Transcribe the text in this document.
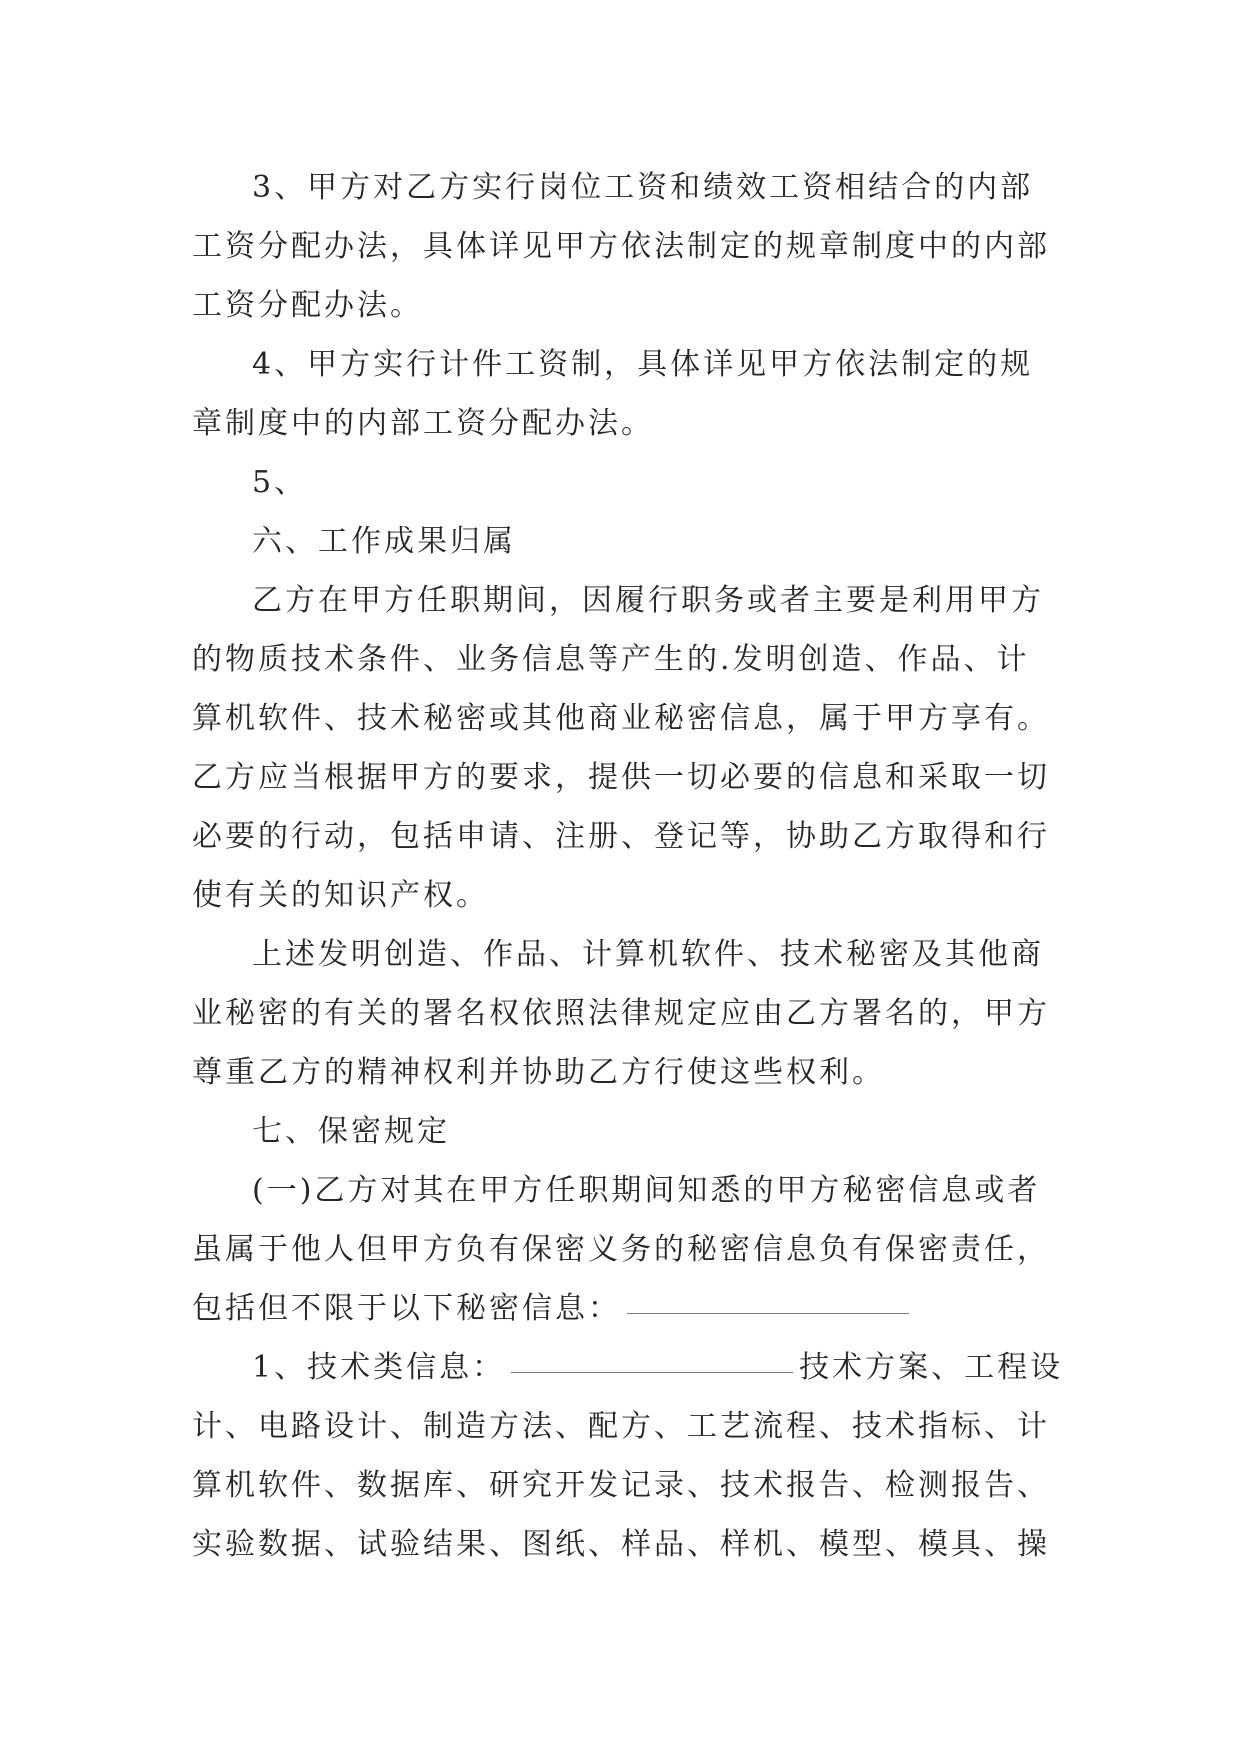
3、甲方对乙方实行岗位工资和绩效工资相结合的内部
工资分配办法，具体详见甲方依法制定的规章制度中的内部
工资分配办法。
4、甲方实行计件工资制，具体详见甲方依法制定的规
章制度中的内部工资分配办法。
5、
六、工作成果归属
乙方在甲方任职期间，因履行职务或者主要是利用甲方
的物质技术条件、业务信息等产生的.发明创造、作品、计
算机软件、技术秘密或其他商业秘密信息，属于甲方享有。
乙方应当根据甲方的要求，提供一切必要的信息和采取一切
必要的行动，包括申请、注册、登记等，协助乙方取得和行
使有关的知识产权。
上述发明创造、作品、计算机软件、技术秘密及其他商
业秘密的有关的署名权依照法律规定应由乙方署名的，甲方
尊重乙方的精神权利并协助乙方行使这些权利。
七、保密规定
(一)乙方对其在甲方任职期间知悉的甲方秘密信息或者
虽属于他人但甲方负有保密义务的秘密信息负有保密责任，
包括但不限于以下秘密信息：
1、技术类信息：	技术方案、工程设
计、电路设计、制造方法、配方、工艺流程、技术指标、计
算机软件、数据库、研究开发记录、技术报告、检测报告、
实验数据、试验结果、图纸、样品、样机、模型、模具、操
